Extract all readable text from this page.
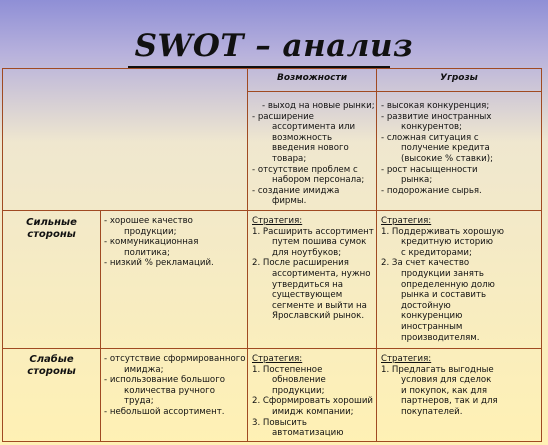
SWOT – анализ
Возможности	Угрозы

- выход на новые рынки;

- расширение

ассортимента или

возможность

введения нового

товара;

- отсутствие проблем с

набором персонала;

- создание имиджа

фирмы.

- высокая конкуренция;

- развитие иностранных

конкурентов;

- сложная ситуация с

получение кредита

(высокие % ставки);

- рост насыщенности

рынка;

- подорожание сырья.

Сильные
стороны

- хорошее качество

продукции;

- коммуникационная

политика;

- низкий % рекламаций.

Стратегия:

1. Расширить ассортимент

путем пошива сумок

для ноутбуков;

2. После расширения

ассортимента, нужно

утвердиться на

существующем

сегменте и выйти на

Ярославский рынок.

Стратегия:

1. Поддерживать хорошую

кредитную историю

с кредиторами;

2. За счет качество

продукции занять

определенную долю

рынка и составить

достойную

конкуренцию

иностранным

производителям.

Слабые
стороны

- отсутствие сформированного

имиджа;

- использование большого

количества ручного

труда;

- небольшой ассортимент.

Стратегия:

1. Постепенное

обновление

продукции;

2. Сформировать хороший

имидж компании;

3. Повысить

автоматизацию

Стратегия:

1. Предлагать выгодные

условия для сделок

и покупок, как для

партнеров, так и для

покупателей.
